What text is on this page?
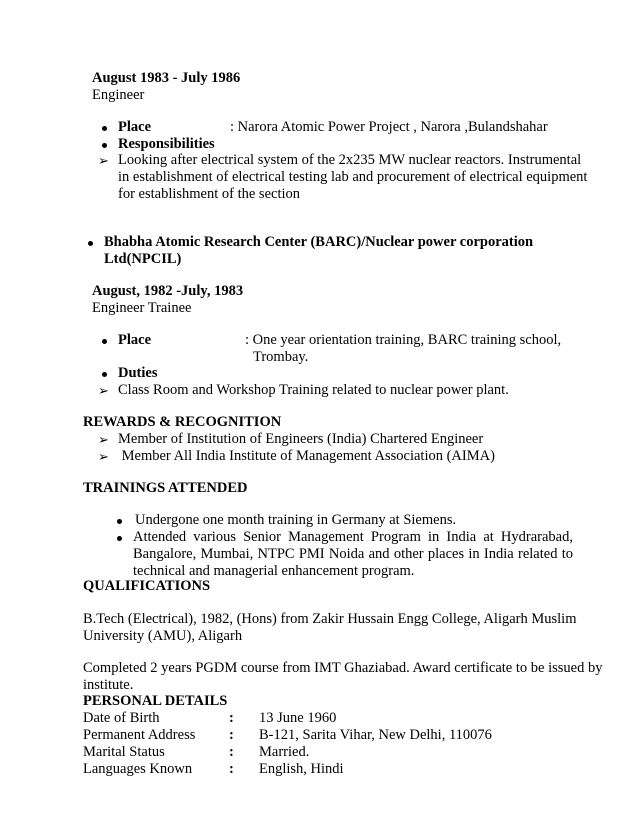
August 1983 - July 1986
Engineer
Place	: Narora Atomic Power Project , Narora ,Bulandshahar
Responsibilities
➢ Looking after electrical system of the 2x235 MW nuclear reactors. Instrumental
in establishment of electrical testing lab and procurement of electrical equipment
for establishment of the section
Bhabha Atomic Research Center (BARC)/Nuclear power corporation
Ltd(NPCIL)
August, 1982 -July, 1983
Engineer Trainee
Place	: One year orientation training, BARC training school,
Trombay.
Duties
➢ Class Room and Workshop Training related to nuclear power plant.
REWARDS & RECOGNITION
➢ Member of Institution of Engineers (India) Chartered Engineer
➢ Member All India Institute of Management Association (AIMA)
TRAININGS ATTENDED
Undergone one month training in Germany at Siemens.
Attended various Senior Management Program in India at Hydrarabad, Bangalore, Mumbai, NTPC PMI Noida and other places in India related to technical and managerial enhancement program.
QUALIFICATIONS
B.Tech (Electrical), 1982, (Hons) from Zakir Hussain Engg College, Aligarh Muslim
University (AMU), Aligarh
Completed 2 years PGDM course from IMT Ghaziabad. Award certificate to be issued by
institute.
PERSONAL DETAILS
Date of Birth	: 13 June 1960
Permanent Address : B-121, Sarita Vihar, New Delhi, 110076
Marital Status	: Married.
Languages Known	: English, Hindi
